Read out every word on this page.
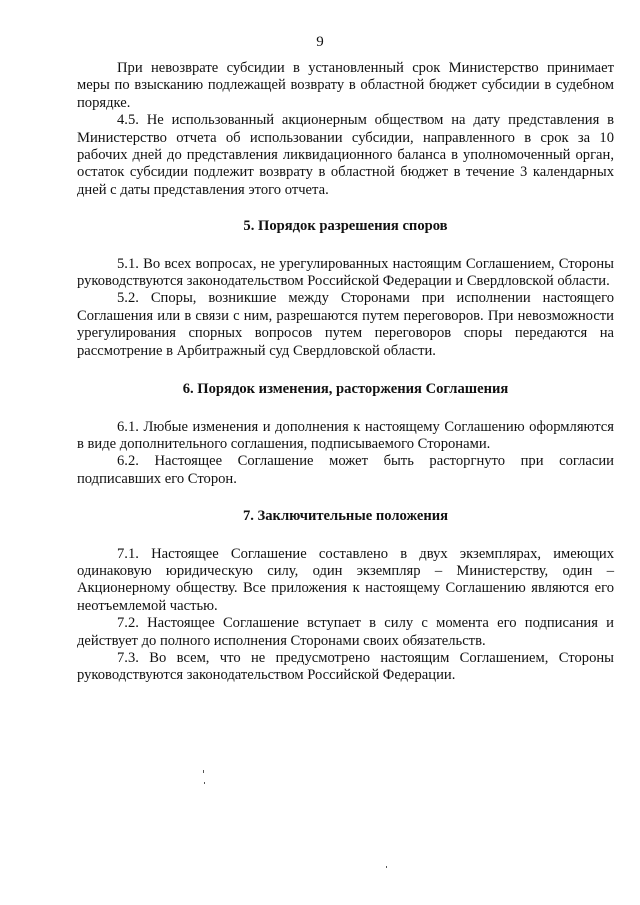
9

При невозврате субсидии в установленный срок Министерство принимает меры по взысканию подлежащей возврату в областной бюджет субсидии в судебном порядке.

4.5. Не использованный акционерным обществом на дату представления в Министерство отчета об использовании субсидии, направленного в срок за 10 рабочих дней до представления ликвидационного баланса в уполномоченный орган, остаток субсидии подлежит возврату в областной бюджет в течение 3 календарных дней с даты представления этого отчета.

5. Порядок разрешения споров

5.1. Во всех вопросах, не урегулированных настоящим Соглашением, Стороны руководствуются законодательством Российской Федерации и Свердловской области.

5.2. Споры, возникшие между Сторонами при исполнении настоящего Соглашения или в связи с ним, разрешаются путем переговоров. При невозможности урегулирования спорных вопросов путем переговоров споры передаются на рассмотрение в Арбитражный суд Свердловской области.

6. Порядок изменения, расторжения Соглашения

6.1. Любые изменения и дополнения к настоящему Соглашению оформляются в виде дополнительного соглашения, подписываемого Сторонами.

6.2. Настоящее Соглашение может быть расторгнуто при согласии подписавших его Сторон.

7. Заключительные положения

7.1. Настоящее Соглашение составлено в двух экземплярах, имеющих одинаковую юридическую силу, один экземпляр – Министерству, один – Акционерному обществу. Все приложения к настоящему Соглашению являются его неотъемлемой частью.

7.2. Настоящее Соглашение вступает в силу с момента его подписания и действует до полного исполнения Сторонами своих обязательств.

7.3. Во всем, что не предусмотрено настоящим Соглашением, Стороны руководствуются законодательством Российской Федерации.
